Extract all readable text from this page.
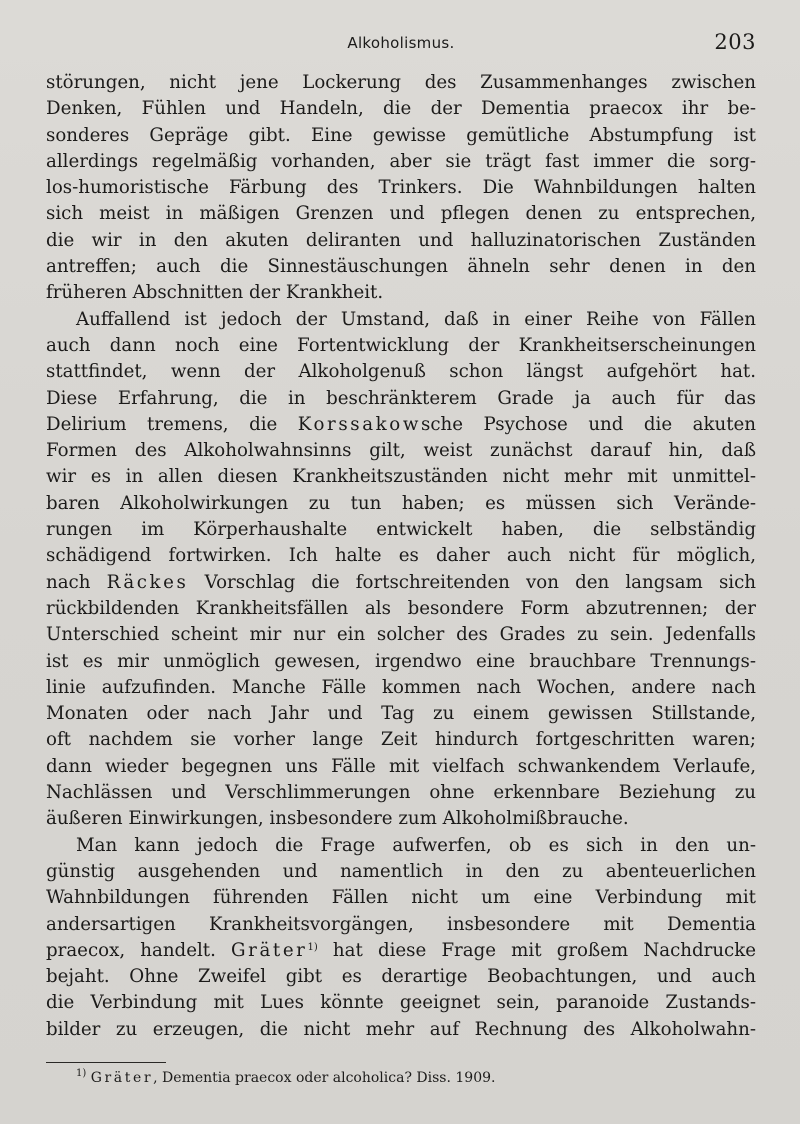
Alkoholismus.	203
störungen, nicht jene Lockerung des Zusammenhanges zwischen
Denken, Fühlen und Handeln, die der Dementia praecox ihr be-
sonderes Gepräge gibt. Eine gewisse gemütliche Abstumpfung ist
allerdings regelmäßig vorhanden, aber sie trägt fast immer die sorg-
los-humoristische Färbung des Trinkers. Die Wahnbildungen halten
sich meist in mäßigen Grenzen und pflegen denen zu entsprechen,
die wir in den akuten deliranten und halluzinatorischen Zuständen
antreffen; auch die Sinnestäuschungen ähneln sehr denen in den
früheren Abschnitten der Krankheit.
Auffallend ist jedoch der Umstand, daß in einer Reihe von Fällen
auch dann noch eine Fortentwicklung der Krankheitserscheinungen
stattfindet, wenn der Alkoholgenuß schon längst aufgehört hat.
Diese Erfahrung, die in beschränkterem Grade ja auch für das
Delirium tremens, die Korssakowsche Psychose und die akuten
Formen des Alkoholwahnsinns gilt, weist zunächst darauf hin, daß
wir es in allen diesen Krankheitszuständen nicht mehr mit unmittel-
baren Alkoholwirkungen zu tun haben; es müssen sich Verände-
rungen im Körperhaushalte entwickelt haben, die selbständig
schädigend fortwirken. Ich halte es daher auch nicht für möglich,
nach Räckes Vorschlag die fortschreitenden von den langsam sich
rückbildenden Krankheitsfällen als besondere Form abzutrennen; der
Unterschied scheint mir nur ein solcher des Grades zu sein. Jedenfalls
ist es mir unmöglich gewesen, irgendwo eine brauchbare Trennungs-
linie aufzufinden. Manche Fälle kommen nach Wochen, andere nach
Monaten oder nach Jahr und Tag zu einem gewissen Stillstande,
oft nachdem sie vorher lange Zeit hindurch fortgeschritten waren;
dann wieder begegnen uns Fälle mit vielfach schwankendem Verlaufe,
Nachlässen und Verschlimmerungen ohne erkennbare Beziehung zu
äußeren Einwirkungen, insbesondere zum Alkoholmißbrauche.
Man kann jedoch die Frage aufwerfen, ob es sich in den un-
günstig ausgehenden und namentlich in den zu abenteuerlichen
Wahnbildungen führenden Fällen nicht um eine Verbindung mit
andersartigen Krankheitsvorgängen, insbesondere mit Dementia
praecox, handelt. Gräter$^{1)}$ hat diese Frage mit großem Nachdrucke
bejaht. Ohne Zweifel gibt es derartige Beobachtungen, und auch
die Verbindung mit Lues könnte geeignet sein, paranoide Zustands-
bilder zu erzeugen, die nicht mehr auf Rechnung des Alkoholwahn-
$^{1)}$ Gräter, Dementia praecox oder alcoholica? Diss. 1909.
